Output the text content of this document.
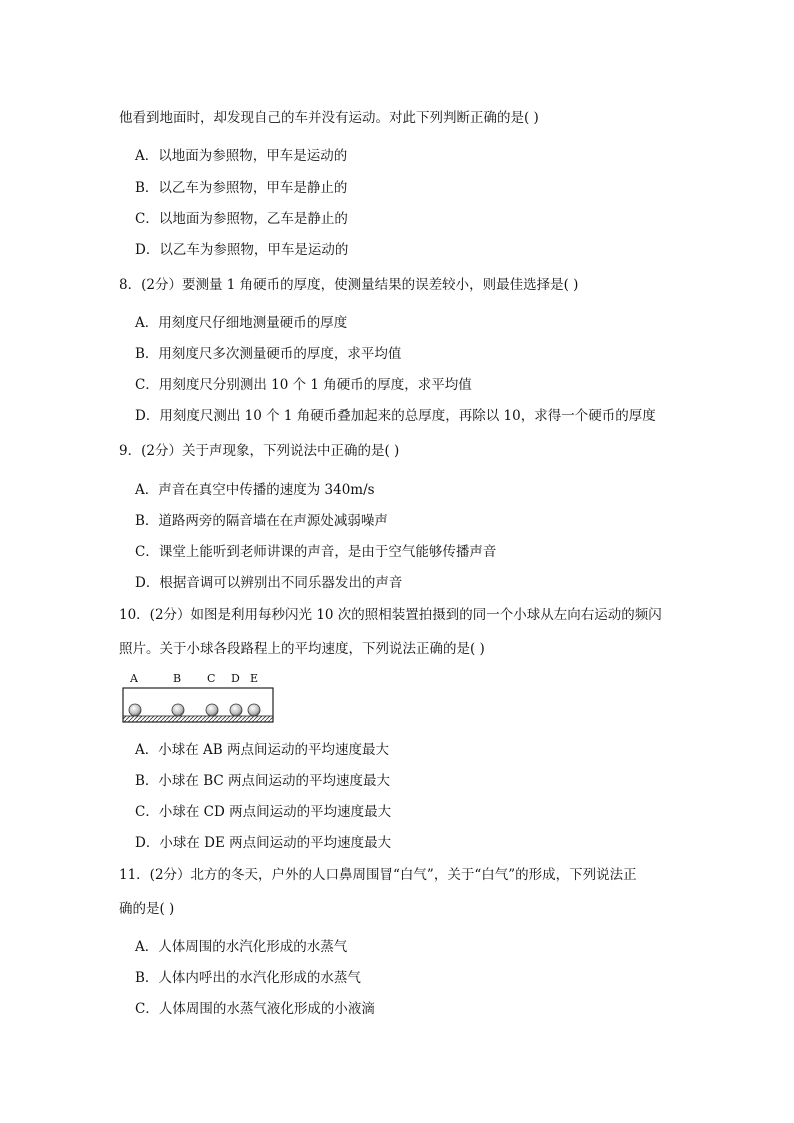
他看到地面时，却发现自己的车并没有运动。对此下列判断正确的是( )
A．以地面为参照物，甲车是运动的
B．以乙车为参照物，甲车是静止的
C．以地面为参照物，乙车是静止的
D．以乙车为参照物，甲车是运动的
8．(2分）要测量 1 角硬币的厚度，使测量结果的误差较小，则最佳选择是( )
A．用刻度尺仔细地测量硬币的厚度
B．用刻度尺多次测量硬币的厚度，求平均值
C．用刻度尺分别测出 10 个 1 角硬币的厚度，求平均值
D．用刻度尺测出 10 个 1 角硬币叠加起来的总厚度，再除以 10，求得一个硬币的厚度
9．(2分）关于声现象，下列说法中正确的是( )
A．声音在真空中传播的速度为 340m/s
B．道路两旁的隔音墙在在声源处减弱噪声
C．课堂上能听到老师讲课的声音，是由于空气能够传播声音
D．根据音调可以辨别出不同乐器发出的声音
10．(2分）如图是利用每秒闪光 10 次的照相装置拍摄到的同一个小球从左向右运动的频闪
照片。关于小球各段路程上的平均速度，下列说法正确的是( )
A	B C D E
A．小球在 AB 两点间运动的平均速度最大
B．小球在 BC 两点间运动的平均速度最大
C．小球在 CD 两点间运动的平均速度最大
D．小球在 DE 两点间运动的平均速度最大
11．(2分）北方的冬天，户外的人口鼻周围冒“白气”，关于“白气”的形成，下列说法正
确的是( )
A．人体周围的水汽化形成的水蒸气
B．人体内呼出的水汽化形成的水蒸气
C．人体周围的水蒸气液化形成的小液滴
